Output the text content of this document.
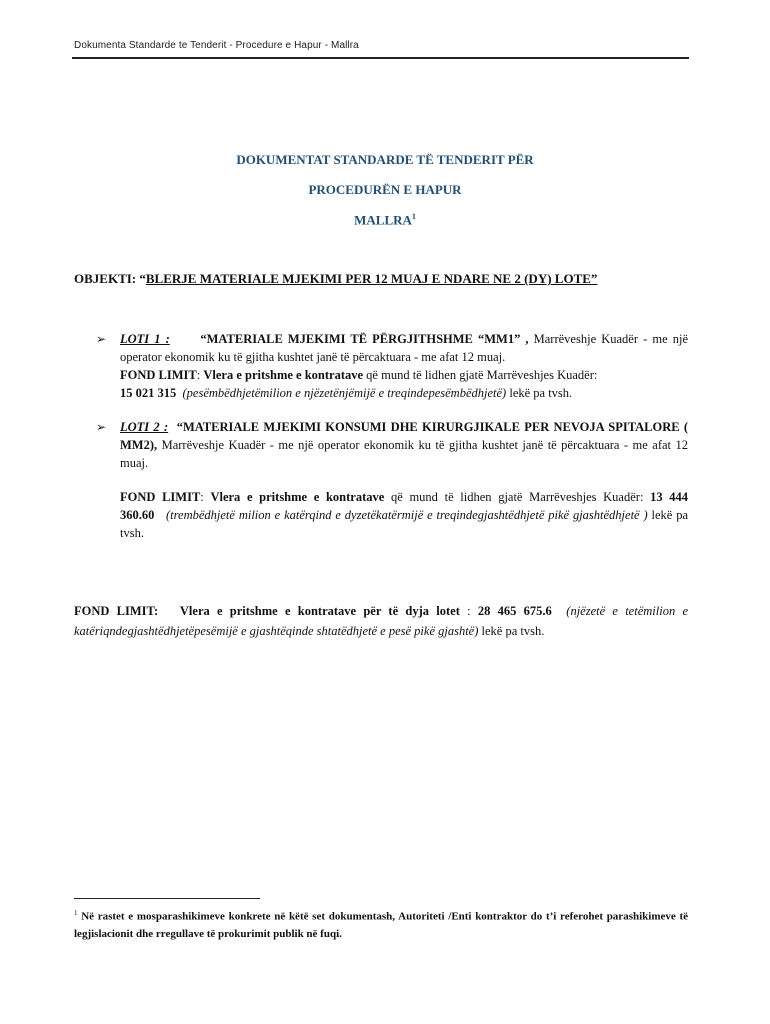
Dokumenta Standarde te Tenderit - Procedure e Hapur - Mallra
DOKUMENTAT STANDARDE TË TENDERIT PËR
PROCEDURËN E HAPUR
MALLRA$^1$
OBJEKTI: “BLERJE MATERIALE MJEKIMI PER 12 MUAJ E NDARE NE 2 (DY) LOTE”
➢ LOTI 1 : “MATERIALE MJEKIMI TË PËRGJITHSHME “MM1” , Marrëveshje Kuadër - me një operator ekonomik ku të gjitha kushtet janë të përcaktuara - me afat 12 muaj.
FOND LIMIT: Vlera e pritshme e kontratave që mund të lidhen gjatë Marrëveshjes Kuadër:
15 021 315 (pesëmbëdhjetëmilion e njëzetënjëmijë e treqindepesëmbëdhjetë) lekë pa tvsh.
➢ LOTI 2 : “MATERIALE MJEKIMI KONSUMI DHE KIRURGJIKALE PER NEVOJA SPITALORE ( MM2), Marrëveshje Kuadër - me një operator ekonomik ku të gjitha kushtet janë të përcaktuara - me afat 12 muaj.
FOND LIMIT: Vlera e pritshme e kontratave që mund të lidhen gjatë Marrëveshjes Kuadër: 13 444 360.60 (trembëdhjetë milion e katërqind e dyzetëkatërmijë e treqindegjashtëdhjetë pikë gjashtëdhjetë ) lekë pa tvsh.
FOND LIMIT: Vlera e pritshme e kontratave për të dyja lotet : 28 465 675.6 (njëzetë e tetëmilion e katëriqndegjashtëdhjetëpesëmijë e gjashtëqinde shtatëdhjetë e pesë pikë gjashtë) lekë pa tvsh.
$^1$ Në rastet e mosparashikimeve konkrete në këtë set dokumentash, Autoriteti /Enti kontraktor do t’i referohet parashikimeve të legjislacionit dhe rregullave të prokurimit publik në fuqi.
